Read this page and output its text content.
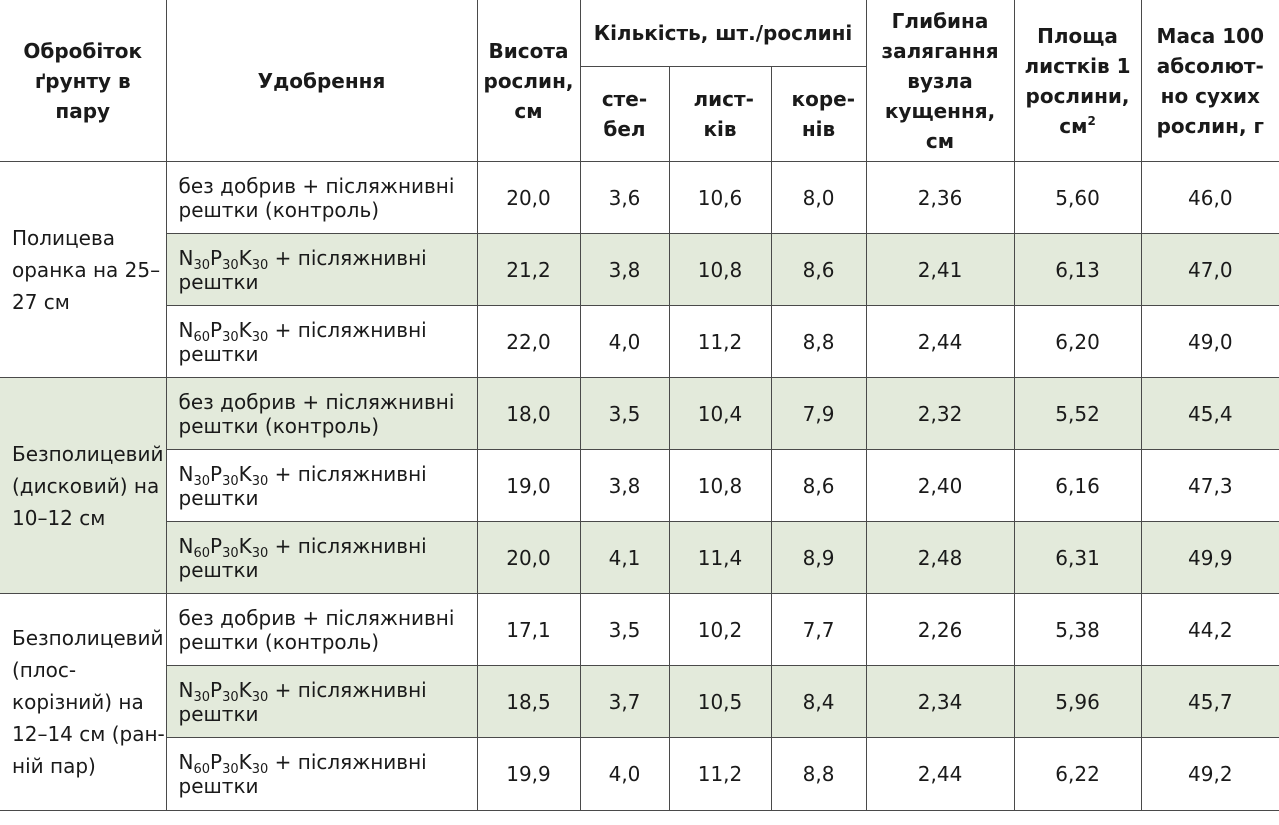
Обробіток ґрунту в пару	Удобрення	Висота рослин, см	Кількість, шт./рослині			Глибина залягання вузла кущення, см	Площа листків 1 рослини, $см^2$	Маса 100 абсолютно сухих рослин, г
			стебел	листків	коренів			
Полицева оранка на 25–27 см	без добрив + післяжнивні рештки (контроль)	20,0	3,6	10,6	8,0	2,36	5,60	46,0
	$N_{30}P_{30}K_{30}$ + післяжнивні рештки	21,2	3,8	10,8	8,6	2,41	6,13	47,0
	$N_{60}P_{30}K_{30}$ + післяжнивні рештки	22,0	4,0	11,2	8,8	2,44	6,20	49,0
Безполицевий (дисковий) на 10–12 см	без добрив + післяжнивні рештки (контроль)	18,0	3,5	10,4	7,9	2,32	5,52	45,4
	$N_{30}P_{30}K_{30}$ + післяжнивні рештки	19,0	3,8	10,8	8,6	2,40	6,16	47,3
	$N_{60}P_{30}K_{30}$ + післяжнивні рештки	20,0	4,1	11,4	8,9	2,48	6,31	49,9
Безполицевий (плоскорізний) на 12–14 см (ранній пар)	без добрив + післяжнивні рештки (контроль)	17,1	3,5	10,2	7,7	2,26	5,38	44,2
	$N_{30}P_{30}K_{30}$ + післяжнивні рештки	18,5	3,7	10,5	8,4	2,34	5,96	45,7
	$N_{60}P_{30}K_{30}$ + післяжнивні рештки	19,9	4,0	11,2	8,8	2,44	6,22	49,2
